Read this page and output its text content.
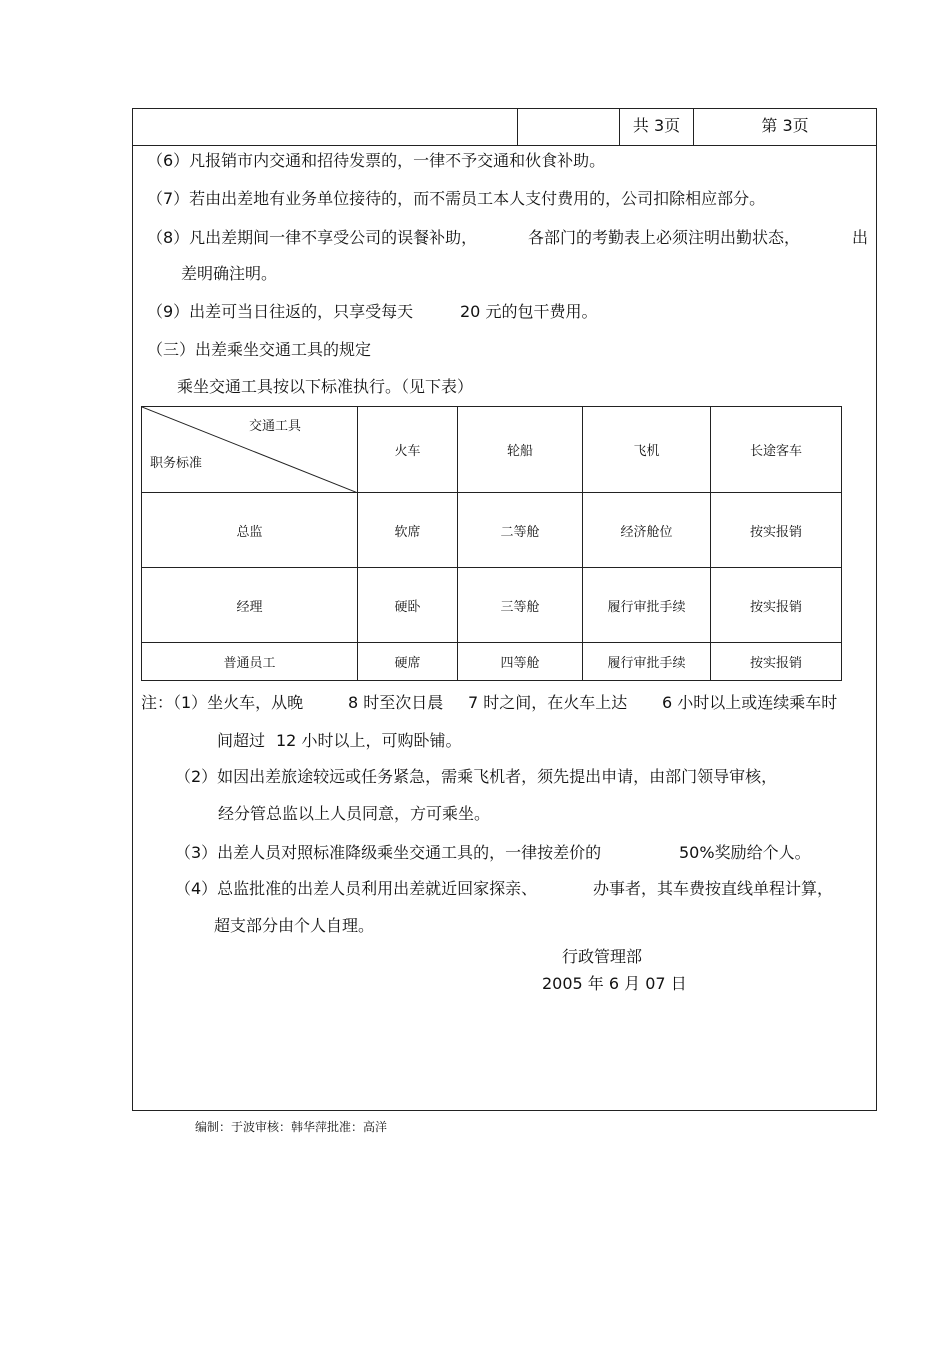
共 3页	第 3页
（6）凡报销市内交通和招待发票的，一律不予交通和伙食补助。
（7）若由出差地有业务单位接待的，而不需员工本人支付费用的，公司扣除相应部分。
（8）凡出差期间一律不享受公司的误餐补助，	各部门的考勤表上必须注明出勤状态，	出
差明确注明。
（9）出差可当日往返的，只享受每天	20 元的包干费用。
（三）出差乘坐交通工具的规定
乘坐交通工具按以下标准执行。（见下表）
交通工具
职务标准	火车	轮船	飞机	长途客车
总监	软席	二等舱	经济舱位	按实报销
经理	硬卧	三等舱	履行审批手续	按实报销
普通员工	硬席	四等舱	履行审批手续	按实报销
注：（1）坐火车，从晚	8 时至次日晨 7 时之间，在火车上达 6 小时以上或连续乘车时
间超过 12 小时以上，可购卧铺。
（2）如因出差旅途较远或任务紧急，需乘飞机者，须先提出申请，由部门领导审核，
经分管总监以上人员同意，方可乘坐。
（3）出差人员对照标准降级乘坐交通工具的，一律按差价的	50%奖励给个人。
（4）总监批准的出差人员利用出差就近回家探亲、	办事者，其车费按直线单程计算，
超支部分由个人自理。
行政管理部
2005 年 6 月 07 日
编制：于波审核：韩华萍批准：高洋
